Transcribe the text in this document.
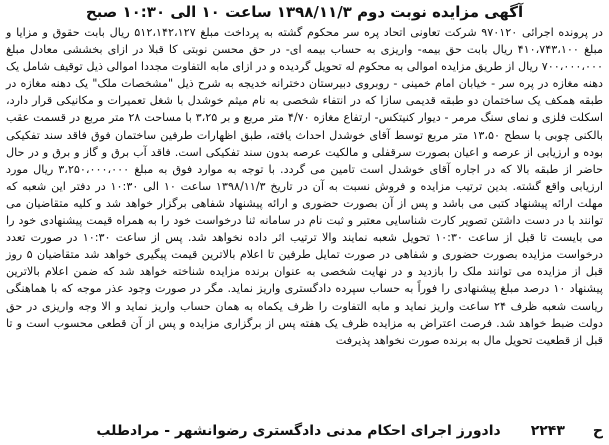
آگهی مزایده نوبت دوم ۱۳۹۸/۱۱/۳ ساعت ۱۰ الی ۱۰:۳۰ صبح

در پرونده اجرائی ۹۷۰۱۲۰ شرکت تعاونی اتحاد پره سر محکوم گشته به پرداخت مبلغ ۵۱۲،۱۴۲،۱۲۷ ریال بابت حقوق و مزایا و مبلغ ۴۱۰،۷۴۳،۱۰۰ ریال بابت حق بیمه- واریزی به حساب بیمه ای- در حق محسن نوبتی کا قبلا در ازای بخششی معادل مبلغ ۷۰۰،۰۰۰،۰۰۰ ریال از طریق مزایده اموالی به محکوم له تحویل گردیده و در ازای مابه التفاوت مجددا اموالی ذیل توقیف شامل یک دهنه مغازه در پره سر - خیابان امام خمینی - روبروی دبیرستان دخترانه خدیجه به شرح ذیل "مشخصات ملک" یک دهنه مغازه در طبقه همکف یک ساختمان دو طبقه قدیمی سازا که در انتفاء شخصی به نام میثم خوشدل با شغل تعمیرات و مکانیکی قرار دارد، اسکلت فلزی و نمای سنگ مرمر - دیوار کنیتکس- ارتفاع مغازه ۴/۷۰ متر مربع و بر ۳،۲۵ با مساحت ۲۸ متر مربع در قسمت عقب بالکنی چوبی با سطح ۱۳،۵۰ متر مربع توسط آقای خوشدل احداث یافته، طبق اظهارات طرفین ساختمان فوق فاقد سند تفکیکی بوده و ارزیابی از عرصه و اعیان بصورت سرقفلی و مالکیت عرصه بدون سند تفکیکی است. فاقد آب برق و گاز و برق و در حال حاضر از طبقه بالا که در اجاره آقای خوشدل است تامین می گردد. با توجه به موارد فوق به مبلغ ۳،۲۵۰،۰۰۰،۰۰۰ ریال مورد ارزیابی واقع گشته. بدین ترتیب مزایده و فروش نسبت به آن در تاریخ ۱۳۹۸/۱۱/۳ ساعت ۱۰ الی ۱۰:۳۰ در دفتر این شعبه که مهلت ارائه پیشنهاد کتبی می باشد و پس از آن بصورت حضوری و ارائه پیشنهاد شفاهی برگزار خواهد شد و کلیه متقاضیان می توانند با در دست داشتن تصویر کارت شناسایی معتبر و ثبت نام در سامانه ثنا درخواست خود را به همراه قیمت پیشنهادی خود را می بایست تا قبل از ساعت ۱۰:۳۰ تحویل شعبه نمایند والا ترتیب اثر داده نخواهد شد. پس از ساعت ۱۰:۳۰ در صورت تعدد درخواست مزایده بصورت حضوری و شفاهی در صورت تمایل طرفین تا اعلام بالاترین قیمت پیگیری خواهد شد متقاضیان ۵ روز قبل از مزایده می توانند ملک را بازدید و در نهایت شخصی به عنوان برنده مزایده شناخته خواهد شد که ضمن اعلام بالاترین پیشنهاد ۱۰ درصد مبلغ پیشنهادی را فوراً به حساب سپرده دادگستری واریز نماید. مگر در صورت وجود عذر موجه که با هماهنگی ریاست شعبه ظرف ۲۴ ساعت واریز نماید و مابه التفاوت را ظرف یکماه به همان حساب واریز نماید و الا وجه واریزی در حق دولت ضبط خواهد شد. فرصت اعتراض به مزایده ظرف یک هفته پس از برگزاری مزایده و پس از آن قطعی محسوب است و تا قبل از قطعیت تحویل مال به برنده صورت نخواهد پذیرفت

ح
۲۲۴۳
دادورز اجرای احکام مدنی دادگستری رضوانشهر - مرادطلب
